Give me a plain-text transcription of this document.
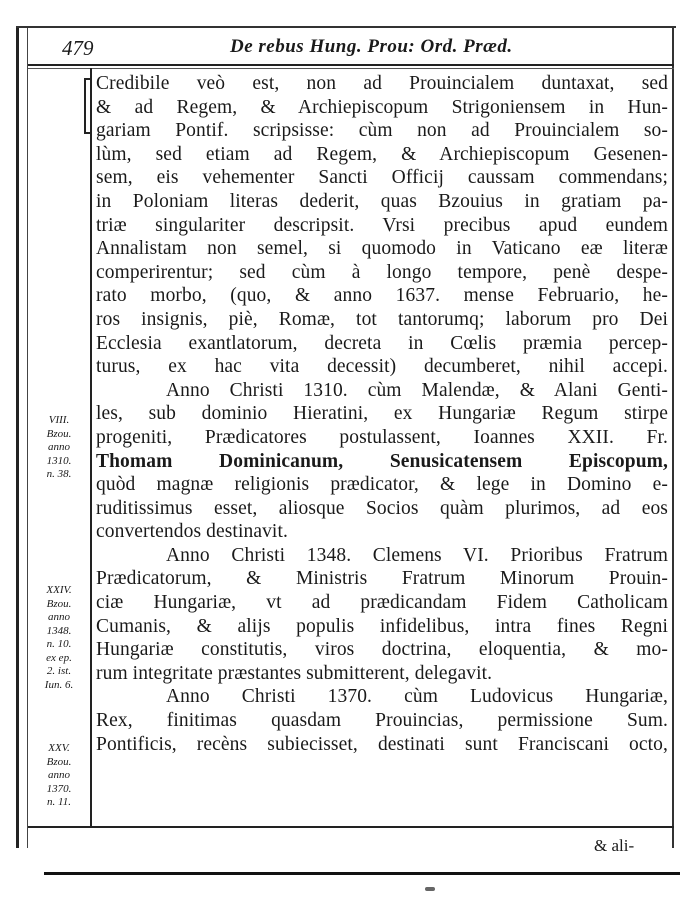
479	De rebus Hung. Prou: Ord. Præd.
Credibile veò est, non ad Prouincialem duntaxat, sed
& ad Regem, & Archiepiscopum Strigoniensem in Hun-
gariam Pontif. scripsisse: cùm non ad Prouincialem so-
lùm, sed etiam ad Regem, & Archiepiscopum Gesenen-
sem, eis vehementer Sancti Officij caussam commendans;
in Poloniam literas dederit, quas Bzouius in gratiam pa-
triæ singulariter descripsit. Vrsi precibus apud eundem
Annalistam non semel, si quomodo in Vaticano eæ literæ
comperirentur; sed cùm à longo tempore, penè despe-
rato morbo, (quo, & anno 1637. mense Februario, he-
ros insignis, piè, Romæ, tot tantorumq; laborum pro Dei
Ecclesia exantlatorum, decreta in Cœlis præmia percep-
turus, ex hac vita decessit) decumberet, nihil accepi.
Anno Christi 1310. cùm Malendæ, & Alani Genti-
les, sub dominio Hieratini, ex Hungariæ Regum stirpe
progeniti, Prædicatores postulassent, Ioannes XXII. Fr.
Thomam Dominicanum, Senusicatensem Episcopum,
quòd magnæ religionis prædicator, & lege in Domino e-
ruditissimus esset, aliosque Socios quàm plurimos, ad eos
convertendos destinavit.
Anno Christi 1348. Clemens VI. Prioribus Fratrum
Prædicatorum, & Ministris Fratrum Minorum Prouin-
ciæ Hungariæ, vt ad prædicandam Fidem Catholicam
Cumanis, & alijs populis infidelibus, intra fines Regni
Hungariæ constitutis, viros doctrina, eloquentia, & mo-
rum integritate præstantes submitterent, delegavit.
Anno Christi 1370. cùm Ludovicus Hungariæ,
Rex, finitimas quasdam Prouincias, permissione Sum.
Pontificis, recèns subiecisset, destinati sunt Franciscani octo,
VIII.
Bzou.
anno
1310.
n. 38.
XXIV.
Bzou.
anno
1348.
n. 10.
ex ep.
2. ist.
Iun. 6.
XXV.
Bzou.
anno
1370.
n. 11.
& ali-
